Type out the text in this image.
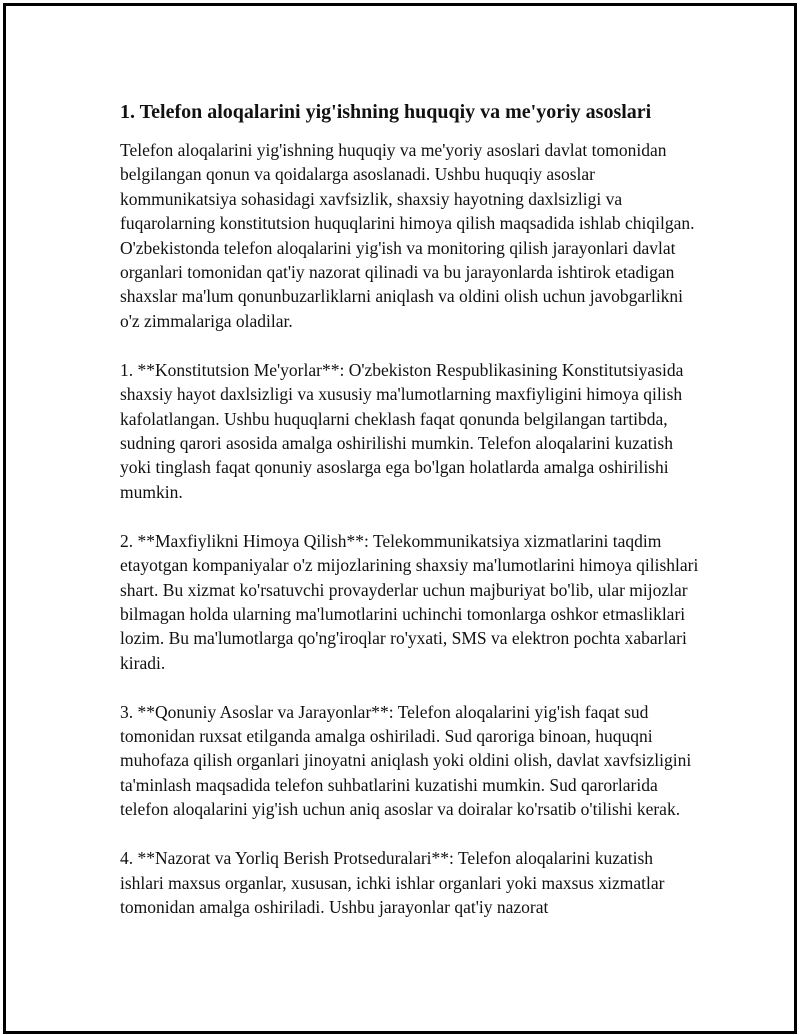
1. Telefon aloqalarini yig'ishning huquqiy va me'yoriy asoslari

Telefon aloqalarini yig'ishning huquqiy va me'yoriy asoslari davlat tomonidan belgilangan qonun va qoidalarga asoslanadi. Ushbu huquqiy asoslar kommunikatsiya sohasidagi xavfsizlik, shaxsiy hayotning daxlsizligi va fuqarolarning konstitutsion huquqlarini himoya qilish maqsadida ishlab chiqilgan. O'zbekistonda telefon aloqalarini yig'ish va monitoring qilish jarayonlari davlat organlari tomonidan qat'iy nazorat qilinadi va bu jarayonlarda ishtirok etadigan shaxslar ma'lum qonunbuzarliklarni aniqlash va oldini olish uchun javobgarlikni o'z zimmalariga oladilar.

1. **Konstitutsion Me'yorlar**: O'zbekiston Respublikasining Konstitutsiyasida shaxsiy hayot daxlsizligi va xususiy ma'lumotlarning maxfiyligini himoya qilish kafolatlangan. Ushbu huquqlarni cheklash faqat qonunda belgilangan tartibda, sudning qarori asosida amalga oshirilishi mumkin. Telefon aloqalarini kuzatish yoki tinglash faqat qonuniy asoslarga ega bo'lgan holatlarda amalga oshirilishi mumkin.

2. **Maxfiylikni Himoya Qilish**: Telekommunikatsiya xizmatlarini taqdim etayotgan kompaniyalar o'z mijozlarining shaxsiy ma'lumotlarini himoya qilishlari shart. Bu xizmat ko'rsatuvchi provayderlar uchun majburiyat bo'lib, ular mijozlar bilmagan holda ularning ma'lumotlarini uchinchi tomonlarga oshkor etmasliklari lozim. Bu ma'lumotlarga qo'ng'iroqlar ro'yxati, SMS va elektron pochta xabarlari kiradi.

3. **Qonuniy Asoslar va Jarayonlar**: Telefon aloqalarini yig'ish faqat sud tomonidan ruxsat etilganda amalga oshiriladi. Sud qaroriga binoan, huquqni muhofaza qilish organlari jinoyatni aniqlash yoki oldini olish, davlat xavfsizligini ta'minlash maqsadida telefon suhbatlarini kuzatishi mumkin. Sud qarorlarida telefon aloqalarini yig'ish uchun aniq asoslar va doiralar ko'rsatib o'tilishi kerak.

4. **Nazorat va Yorliq Berish Protseduralari**: Telefon aloqalarini kuzatish ishlari maxsus organlar, xususan, ichki ishlar organlari yoki maxsus xizmatlar tomonidan amalga oshiriladi. Ushbu jarayonlar qat'iy nazorat
